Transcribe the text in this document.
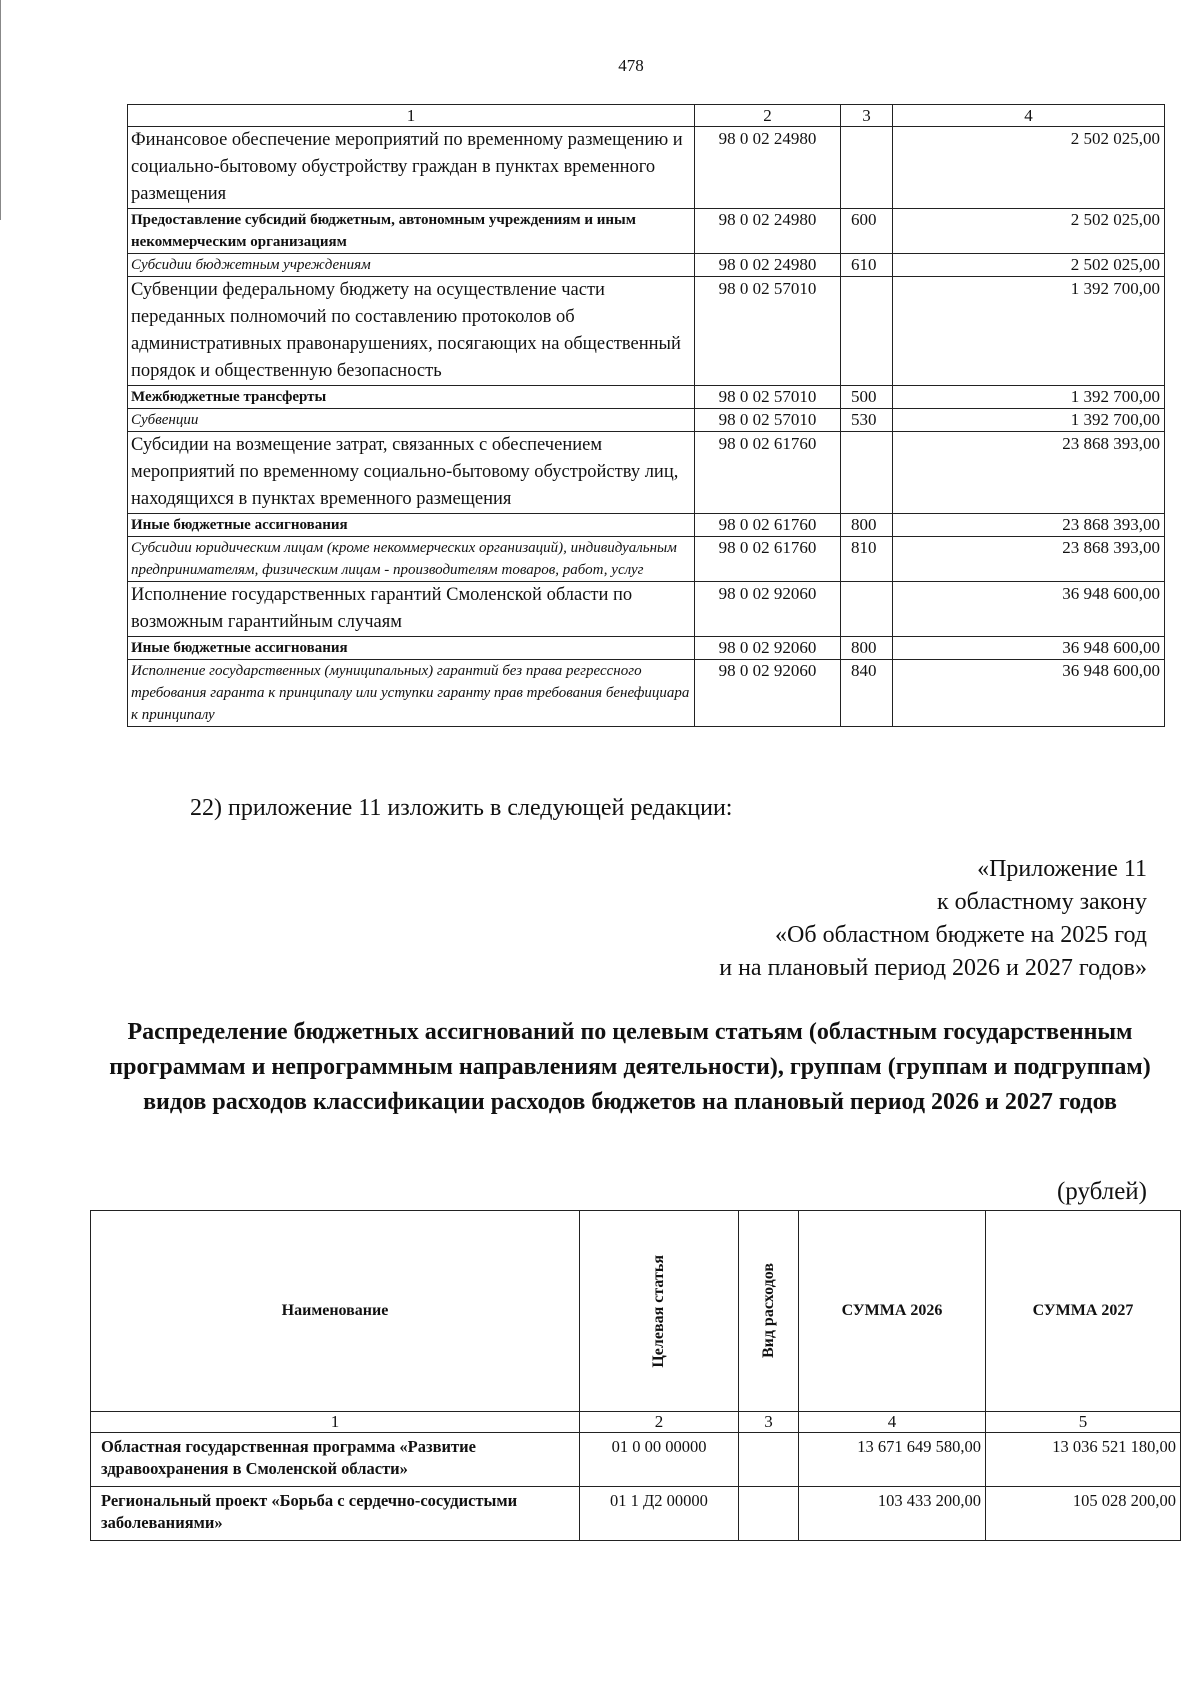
478
1	2	3	4
Финансовое обеспечение мероприятий по временному размещению и социально-бытовому обустройству граждан в пунктах временного размещения	98 0 02 24980		2 502 025,00
Предоставление субсидий бюджетным, автономным учреждениям и иным некоммерческим организациям	98 0 02 24980	600	2 502 025,00
Субсидии бюджетным учреждениям	98 0 02 24980	610	2 502 025,00
Субвенции федеральному бюджету на осуществление части переданных полномочий по составлению протоколов об административных правонарушениях, посягающих на общественный порядок и общественную безопасность	98 0 02 57010		1 392 700,00
Межбюджетные трансферты	98 0 02 57010	500	1 392 700,00
Субвенции	98 0 02 57010	530	1 392 700,00
Субсидии на возмещение затрат, связанных с обеспечением мероприятий по временному социально-бытовому обустройству лиц, находящихся в пунктах временного размещения	98 0 02 61760		23 868 393,00
Иные бюджетные ассигнования	98 0 02 61760	800	23 868 393,00
Субсидии юридическим лицам (кроме некоммерческих организаций), индивидуальным предпринимателям, физическим лицам - производителям товаров, работ, услуг	98 0 02 61760	810	23 868 393,00
Исполнение государственных гарантий Смоленской области по возможным гарантийным случаям	98 0 02 92060		36 948 600,00
Иные бюджетные ассигнования	98 0 02 92060	800	36 948 600,00
Исполнение государственных (муниципальных) гарантий без права регрессного требования гаранта к принципалу или уступки гаранту прав требования бенефициара к принципалу	98 0 02 92060	840	36 948 600,00
22) приложение 11 изложить в следующей редакции:
«Приложение 11
к областному закону
«Об областном бюджете на 2025 год
и на плановый период 2026 и 2027 годов»
Распределение бюджетных ассигнований по целевым статьям (областным государственным программам и непрограммным направлениям деятельности), группам (группам и подгруппам) видов расходов классификации расходов бюджетов на плановый период 2026 и 2027 годов
(рублей)
Наименование	Целевая статья	Вид расходов	СУММА 2026	СУММА 2027
1	2	3	4	5
Областная государственная программа «Развитие здравоохранения в Смоленской области»	01 0 00 00000		13 671 649 580,00	13 036 521 180,00
Региональный проект «Борьба с сердечно-сосудистыми заболеваниями»	01 1 Д2 00000		103 433 200,00	105 028 200,00
